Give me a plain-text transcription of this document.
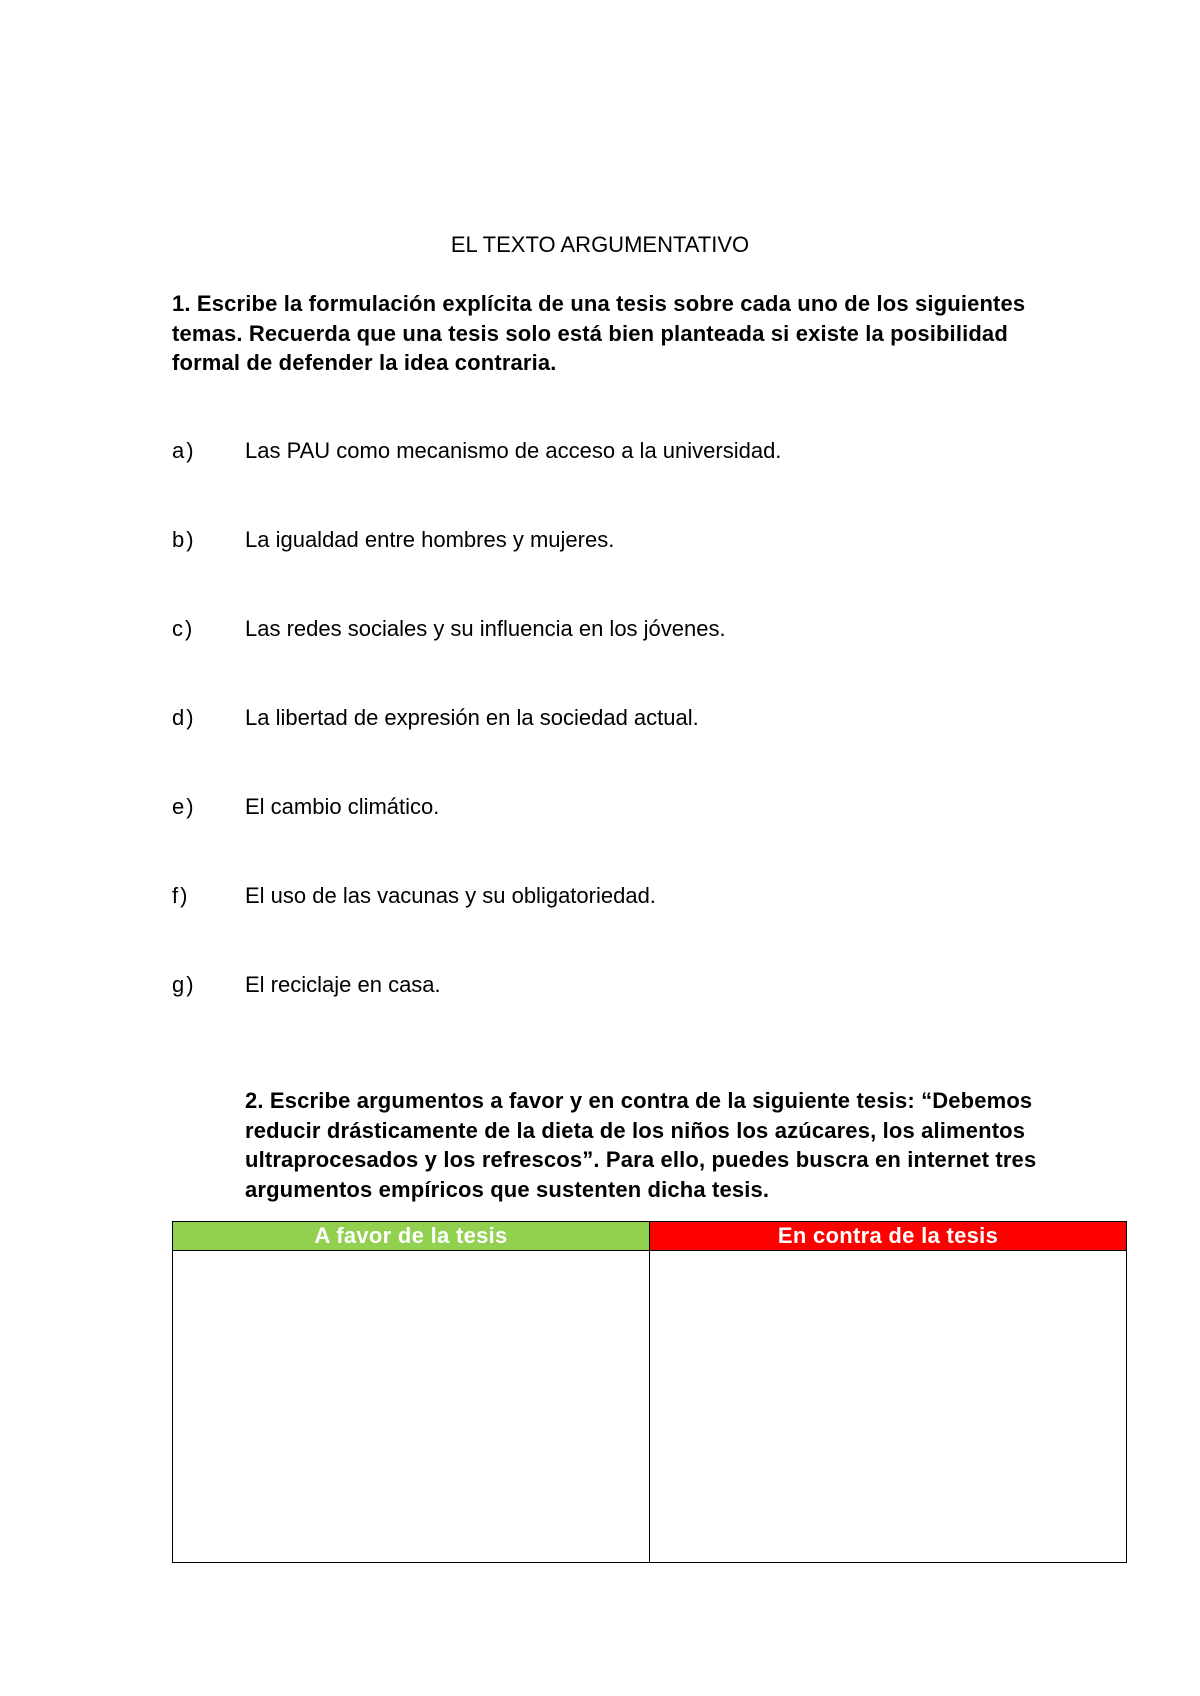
EL TEXTO ARGUMENTATIVO
1. Escribe la formulación explícita de una tesis sobre cada uno de los siguientes
temas. Recuerda que una tesis solo está bien planteada si existe la posibilidad
formal de defender la idea contraria.
a) Las PAU como mecanismo de acceso a la universidad.
b) La igualdad entre hombres y mujeres.
c) Las redes sociales y su influencia en los jóvenes.
d) La libertad de expresión en la sociedad actual.
e) El cambio climático.
f)	El uso de las vacunas y su obligatoriedad.
g) El reciclaje en casa.
2. Escribe argumentos a favor y en contra de la siguiente tesis: “Debemos
reducir drásticamente de la dieta de los niños los azúcares, los alimentos
ultraprocesados y los refrescos”. Para ello, puedes buscra en internet tres
argumentos empíricos que sustenten dicha tesis.
A favor de la tesis	En contra de la tesis
